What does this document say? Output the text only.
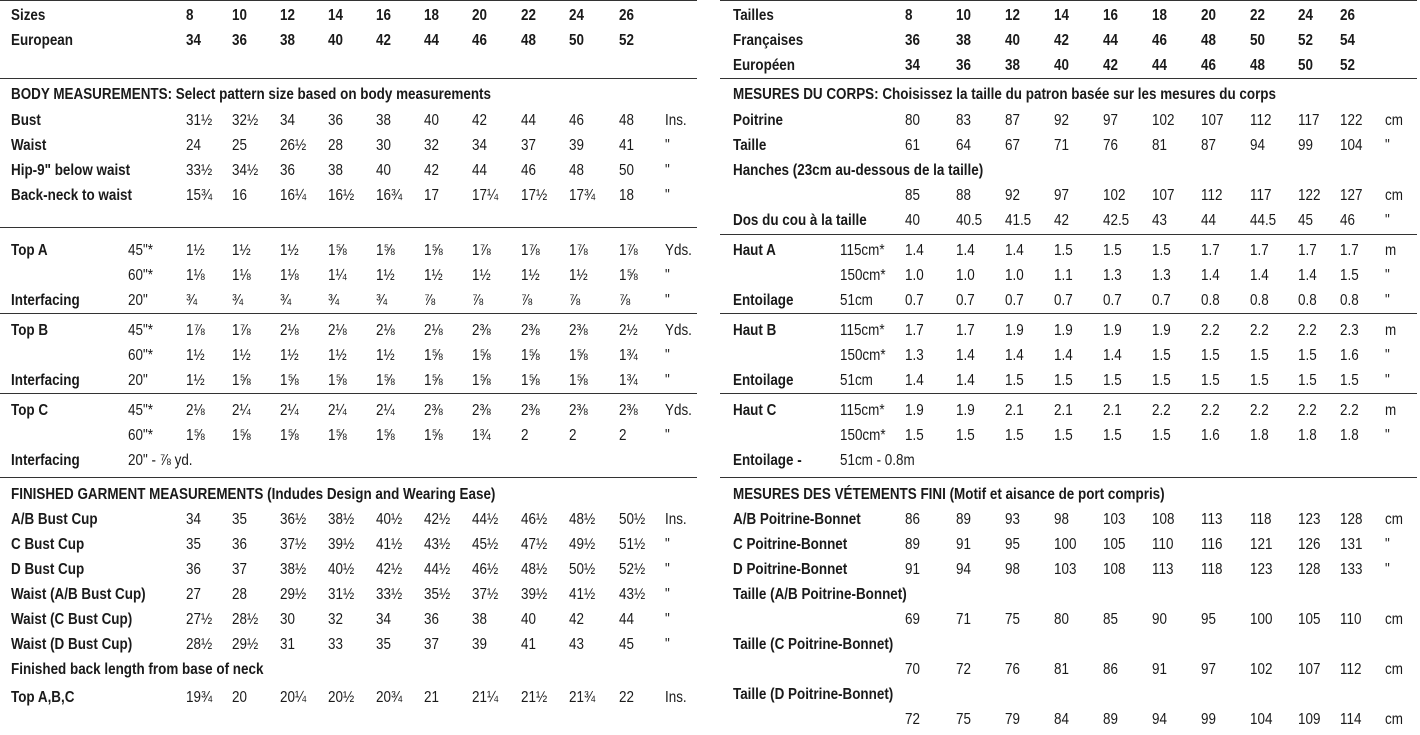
Sizes	8 10 12 14 16 18 20 22 24 26
European	34 36 38 40 42 44 46 48 50 52
BODY MEASUREMENTS: Select pattern size based on body measurements
Bust	31½ 32½ 34 36 38 40 42 44 46 48 Ins.
Waist	24 25 26½ 28 30 32 34 37 39 41 "
Hip-9" below waist	33½ 34½ 36 38 40 42 44 46 48 50 "
Back-neck to waist	15¾ 16 16¼ 16½ 16¾ 17 17¼ 17½ 17¾ 18 "
Top A	45"* 1½ 1½ 1½ 1⅝ 1⅝ 1⅝ 1⅞ 1⅞ 1⅞ 1⅞ Yds.
60"* 1⅛ 1⅛ 1⅛ 1¼ 1½ 1½ 1½ 1½ 1½ 1⅝ "
Interfacing	20" ¾ ¾ ¾ ¾ ¾ ⅞ ⅞ ⅞ ⅞ ⅞ "
Top B	45"* 1⅞ 1⅞ 2⅛ 2⅛ 2⅛ 2⅛ 2⅜ 2⅜ 2⅜ 2½ Yds.
60"* 1½ 1½ 1½ 1½ 1½ 1⅝ 1⅝ 1⅝ 1⅝ 1¾ "
Interfacing	20" 1½ 1⅝ 1⅝ 1⅝ 1⅝ 1⅝ 1⅝ 1⅝ 1⅝ 1¾ "
Top C	45"* 2⅛ 2¼ 2¼ 2¼ 2¼ 2⅜ 2⅜ 2⅜ 2⅜ 2⅜ Yds.
60"* 1⅝ 1⅝ 1⅝ 1⅝ 1⅝ 1⅝ 1¾ 2	2	2 "
Interfacing	20" - ⅞ yd.
FINISHED GARMENT MEASUREMENTS (Indudes Design and Wearing Ease)
A/B Bust Cup	34 35 36½ 38½ 40½ 42½ 44½ 46½ 48½ 50½ Ins.
C Bust Cup	35 36 37½ 39½ 41½ 43½ 45½ 47½ 49½ 51½ "
D Bust Cup	36 37 38½ 40½ 42½ 44½ 46½ 48½ 50½ 52½ "
Waist (A/B Bust Cup)	27 28 29½ 31½ 33½ 35½ 37½ 39½ 41½ 43½ "
Waist (C Bust Cup)	27½ 28½ 30 32 34 36 38 40 42 44 "
Waist (D Bust Cup)	28½ 29½ 31 33 35 37 39 41 43 45 "
Finished back length from base of neck
Top A,B,C	19¾ 20 20¼ 20½ 20¾ 21 21¼ 21½ 21¾ 22 Ins.
Tailles	8	10 12 14 16 18 20 22 24 26
Françaises	36 38 40 42 44 46 48 50 52 54
Européen	34 36 38 40 42 44 46 48 50 52
MESURES DU CORPS: Choisissez la taille du patron basée sur les mesures du corps
Poitrine	80 83 87 92 97 102 107 112 117 122 cm
Taille	61 64 67 71 76 81 87 94 99 104 "
Hanches (23cm au-dessous de la taille)
85 88 92 97 102 107 112 117 122 127 cm
Dos du cou à la taille 40 40.5 41.5 42 42.5 43 44 44.5 45 46 "
Haut A	115cm* 1.4 1.4 1.4 1.5 1.5 1.5 1.7 1.7 1.7 1.7 m
150cm* 1.0 1.0 1.0 1.1 1.3 1.3 1.4 1.4 1.4 1.5 "
Entoilage	51cm 0.7 0.7 0.7 0.7 0.7 0.7 0.8 0.8 0.8 0.8 "
Haut B	115cm* 1.7 1.7 1.9 1.9 1.9 1.9 2.2 2.2 2.2 2.3 m
150cm* 1.3 1.4 1.4 1.4 1.4 1.5 1.5 1.5 1.5 1.6 "
Entoilage	51cm 1.4 1.4 1.5 1.5 1.5 1.5 1.5 1.5 1.5 1.5 "
Haut C	115cm* 1.9 1.9 2.1 2.1 2.1 2.2 2.2 2.2 2.2 2.2 m
150cm* 1.5 1.5 1.5 1.5 1.5 1.5 1.6 1.8 1.8 1.8 "
Entoilage - 51cm - 0.8m
MESURES DES VÉTEMENTS FINI (Motif et aisance de port compris)
A/B Poitrine-Bonnet	86 89 93 98 103 108 113 118 123 128 cm
C Poitrine-Bonnet	89 91 95 100 105 110 116 121 126 131 "
D Poitrine-Bonnet	91 94 98 103 108 113 118 123 128 133 "
Taille (A/B Poitrine-Bonnet)
69 71 75 80 85 90 95 100 105 110 cm
Taille (C Poitrine-Bonnet)
70 72 76 81 86 91 97 102 107 112 cm
Taille (D Poitrine-Bonnet)
72 75 79 84 89 94 99 104 109 114 cm
